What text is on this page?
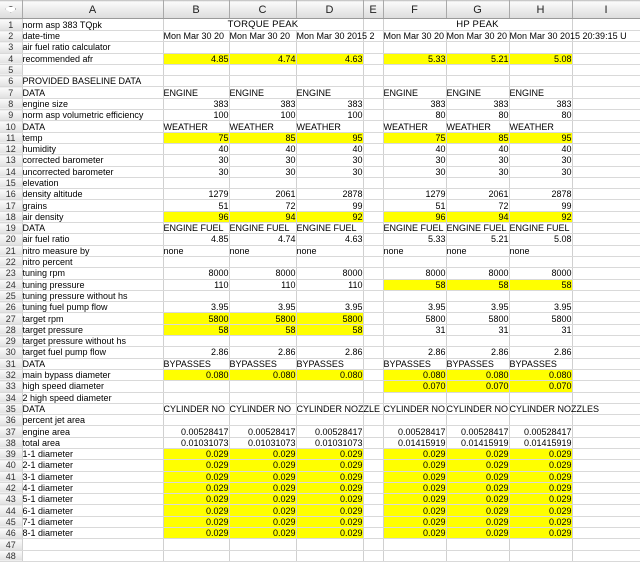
	A	B	C	D	E	F	G	H	I
1	norm asp 383 TQpk	TORQUE PEAK				HP PEAK			
2	date-time	Mon Mar 30 20	Mon Mar 30 20	Mon Mar 30 2015 2		Mon Mar 30 20	Mon Mar 30 20	Mon Mar 30 2015 20:39:15 U	
3	air fuel ratio calculator								
4	recommended afr	4.85	4.74	4.63		5.33	5.21	5.08	
5									
6	PROVIDED BASELINE DATA								
7	DATA	ENGINE	ENGINE	ENGINE		ENGINE	ENGINE	ENGINE	
8	engine size	383	383	383		383	383	383	
9	norm asp volumetric efficiency	100	100	100		80	80	80	
10	DATA	WEATHER	WEATHER	WEATHER		WEATHER	WEATHER	WEATHER	
11	temp	75	85	95		75	85	95	
12	humidity	40	40	40		40	40	40	
13	corrected barometer	30	30	30		30	30	30	
14	uncorrected barometer	30	30	30		30	30	30	
15	elevation								
16	density altitude	1279	2061	2878		1279	2061	2878	
17	grains	51	72	99		51	72	99	
18	air density	96	94	92		96	94	92	
19	DATA	ENGINE FUEL	ENGINE FUEL	ENGINE FUEL		ENGINE FUEL	ENGINE FUEL	ENGINE FUEL	
20	air fuel ratio	4.85	4.74	4.63		5.33	5.21	5.08	
21	nitro measure by	none	none	none		none	none	none	
22	nitro percent								
23	tuning rpm	8000	8000	8000		8000	8000	8000	
24	tuning pressure	110	110	110		58	58	58	
25	tuning pressure without hs								
26	tuning fuel pump flow	3.95	3.95	3.95		3.95	3.95	3.95	
27	target rpm	5800	5800	5800		5800	5800	5800	
28	target pressure	58	58	58		31	31	31	
29	target pressure without hs								
30	target fuel pump flow	2.86	2.86	2.86		2.86	2.86	2.86	
31	DATA	BYPASSES	BYPASSES	BYPASSES		BYPASSES	BYPASSES	BYPASSES	
32	main bypass diameter	0.080	0.080	0.080		0.080	0.080	0.080	
33	high speed diameter					0.070	0.070	0.070	
34	2 high speed diameter								
35	DATA	CYLINDER NO	CYLINDER NO	CYLINDER NOZZLE		CYLINDER NO	CYLINDER NO	CYLINDER NOZZLES	
36	percent jet area								
37	engine area	0.00528417	0.00528417	0.00528417		0.00528417	0.00528417	0.00528417	
38	total area	0.01031073	0.01031073	0.01031073		0.01415919	0.01415919	0.01415919	
39	1-1 diameter	0.029	0.029	0.029		0.029	0.029	0.029	
40	2-1 diameter	0.029	0.029	0.029		0.029	0.029	0.029	
41	3-1 diameter	0.029	0.029	0.029		0.029	0.029	0.029	
42	4-1 diameter	0.029	0.029	0.029		0.029	0.029	0.029	
43	5-1 diameter	0.029	0.029	0.029		0.029	0.029	0.029	
44	6-1 diameter	0.029	0.029	0.029		0.029	0.029	0.029	
45	7-1 diameter	0.029	0.029	0.029		0.029	0.029	0.029	
46	8-1 diameter	0.029	0.029	0.029		0.029	0.029	0.029	
47									
48									
